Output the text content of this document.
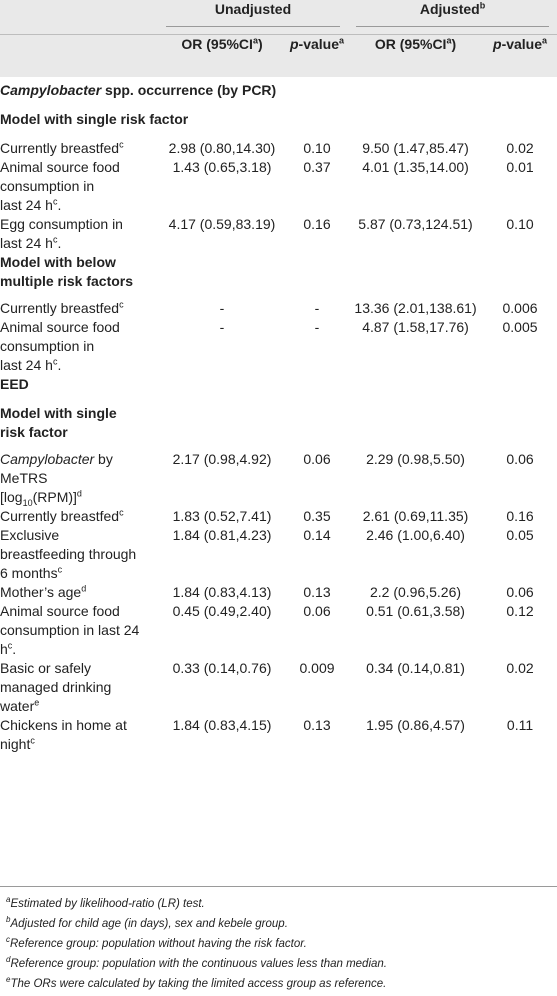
	Unadjusted		Adjusted$^b$

	OR $(95\%CI^a)$	p-value$^a$	OR $(95\%CI^a)$	p-value$^a$
Campylobacter spp. occurrence (by PCR)				
Model with single risk factor				
Currently breastfed$^c$	2.98 (0.80,14.30)	0.10	9.50 (1.47,85.47)	0.02
Animal source food
consumption in
last 24 $h^c$.	1.43 (0.65,3.18)	0.37	4.01 (1.35,14.00)	0.01
Egg consumption in
last 24 $h^c$.	4.17 (0.59,83.19)	0.16	5.87 (0.73,124.51)	0.10
Model with below
multiple risk factors				
Currently breastfed$^c$	-	-	13.36 (2.01,138.61)	0.006
Animal source food
consumption in
last 24 $h^c$.	-	-	4.87 (1.58,17.76)	0.005
EED				
Model with single
risk factor				
Campylobacter by
MeTRS
$[\log_{10}(RPM)]^d$	2.17 (0.98,4.92)	0.06	2.29 (0.98,5.50)	0.06
Currently breastfed$^c$	1.83 (0.52,7.41)	0.35	2.61 (0.69,11.35)	0.16
Exclusive
breastfeeding through
6 months$^c$	1.84 (0.81,4.23)	0.14	2.46 (1.00,6.40)	0.05
Mother’s age$^d$	1.84 (0.83,4.13)	0.13	2.2 (0.96,5.26)	0.06
Animal source food
consumption in last 24
$h^c$.	0.45 (0.49,2.40)	0.06	0.51 (0.61,3.58)	0.12
Basic or safely
managed drinking
water$^e$	0.33 (0.14,0.76)	0.009	0.34 (0.14,0.81)	0.02
Chickens in home at
night$^c$	1.84 (0.83,4.15)	0.13	1.95 (0.86,4.57)	0.11
$^a$Estimated by likelihood-ratio (LR) test.
$^b$Adjusted for child age (in days), sex and kebele group.
$^c$Reference group: population without having the risk factor.
$^d$Reference group: population with the continuous values less than median.
$^e$The ORs were calculated by taking the limited access group as reference.
